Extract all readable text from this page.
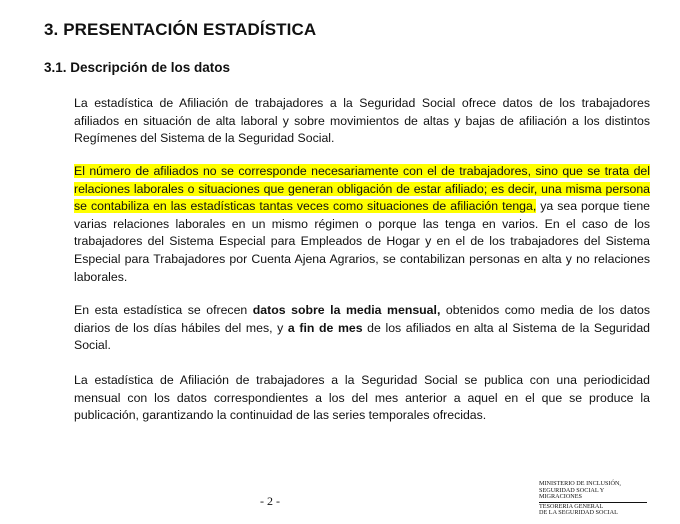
3. PRESENTACIÓN ESTADÍSTICA
3.1. Descripción de los datos

La estadística de Afiliación de trabajadores a la Seguridad Social ofrece datos de los trabajadores afiliados en situación de alta laboral y sobre movimientos de altas y bajas de afiliación a los distintos Regímenes del Sistema de la Seguridad Social.

El número de afiliados no se corresponde necesariamente con el de trabajadores, sino que se trata del relaciones laborales o situaciones que generan obligación de estar afiliado; es decir, una misma persona se contabiliza en las estadísticas tantas veces como situaciones de afiliación tenga, ya sea porque tiene varias relaciones laborales en un mismo régimen o porque las tenga en varios. En el caso de los trabajadores del Sistema Especial para Empleados de Hogar y en el de los trabajadores del Sistema Especial para Trabajadores por Cuenta Ajena Agrarios, se contabilizan personas en alta y no relaciones laborales.

En esta estadística se ofrecen datos sobre la media mensual, obtenidos como media de los datos diarios de los días hábiles del mes, y a fin de mes de los afiliados en alta al Sistema de la Seguridad Social.

La estadística de Afiliación de trabajadores a la Seguridad Social se publica con una periodicidad mensual con los datos correspondientes a los del mes anterior a aquel en el que se produce la publicación, garantizando la continuidad de las series temporales ofrecidas.

- 2 -
MINISTERIO DE INCLUSIÓN,
SEGURIDAD SOCIAL Y
MIGRACIONES
TESORERIA GENERAL
DE LA SEGURIDAD SOCIAL
